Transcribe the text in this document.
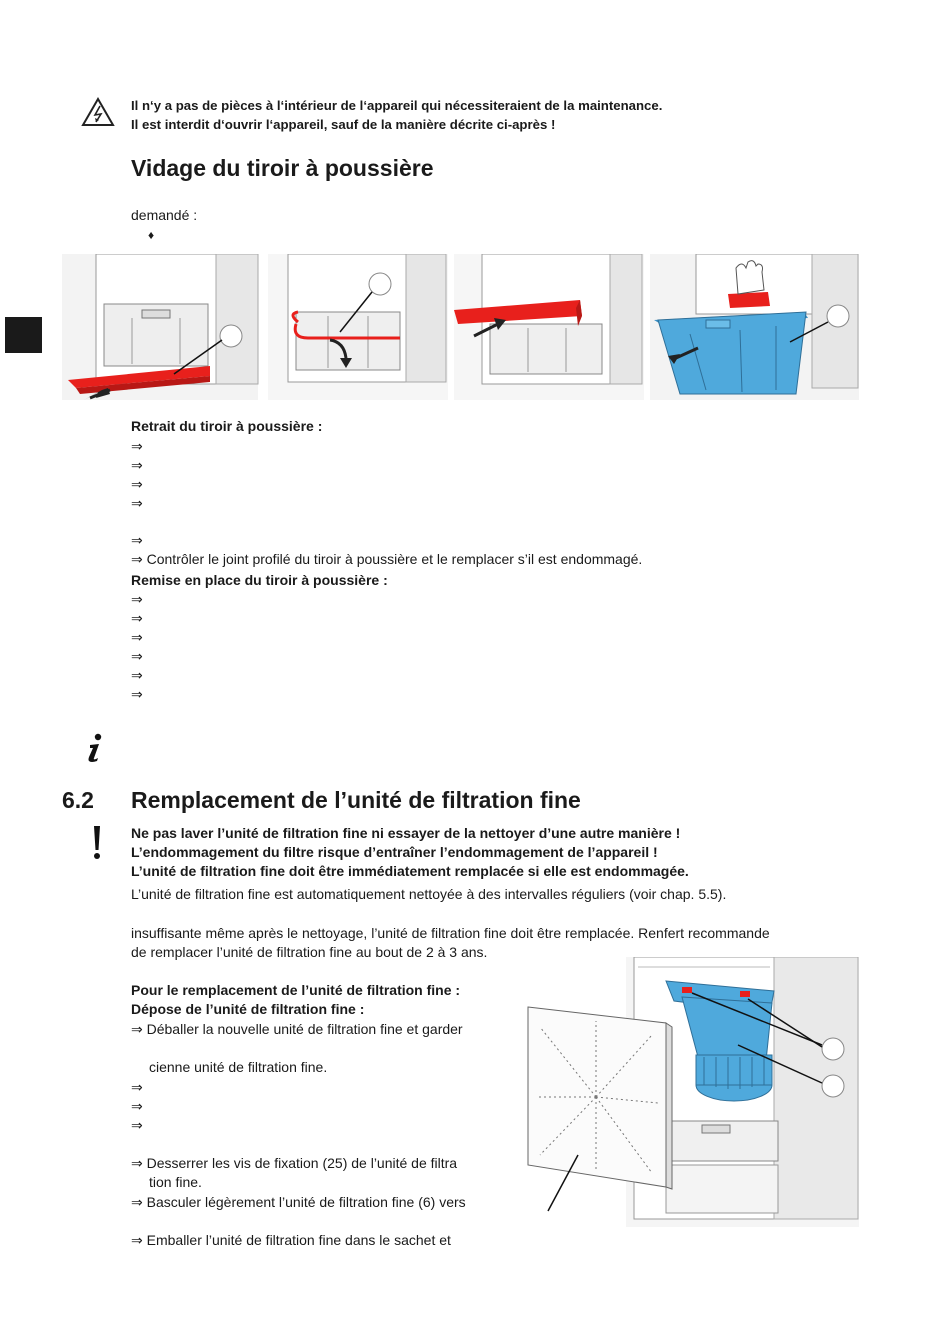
Il n‘y a pas de pièces à l‘intérieur de l‘appareil qui nécessiteraient de la maintenance.
Il est interdit d‘ouvrir l‘appareil, sauf de la manière décrite ci-après !
Vidage du tiroir à poussière
demandé :
♦
Retrait du tiroir à poussière :
⇒
⇒
⇒
⇒
⇒
⇒ Contrôler le joint profilé du tiroir à poussière et le remplacer s’il est endommagé.
Remise en place du tiroir à poussière :
⇒
⇒
⇒
⇒
⇒
⇒
6.2 Remplacement de l’unité de filtration fine
Ne pas laver l’unité de filtration fine ni essayer de la nettoyer d’une autre manière !
L’endommagement du filtre risque d’entraîner l’endommagement de l’appareil !
L’unité de filtration fine doit être immédiatement remplacée si elle est endommagée.
L’unité de filtration fine est automatiquement nettoyée à des intervalles réguliers (voir chap. 5.5).
insuffisante même après le nettoyage, l’unité de filtration fine doit être remplacée. Renfert recommande
de remplacer l’unité de filtration fine au bout de 2 à 3 ans.
Pour le remplacement de l’unité de filtration fine :
Dépose de l’unité de filtration fine :
⇒ Déballer la nouvelle unité de filtration fine et garder
cienne unité de filtration fine.
⇒
⇒
⇒
⇒ Desserrer les vis de fixation (25) de l’unité de filtra
tion fine.
⇒ Basculer légèrement l’unité de filtration fine (6) vers
⇒ Emballer l’unité de filtration fine dans le sachet et
